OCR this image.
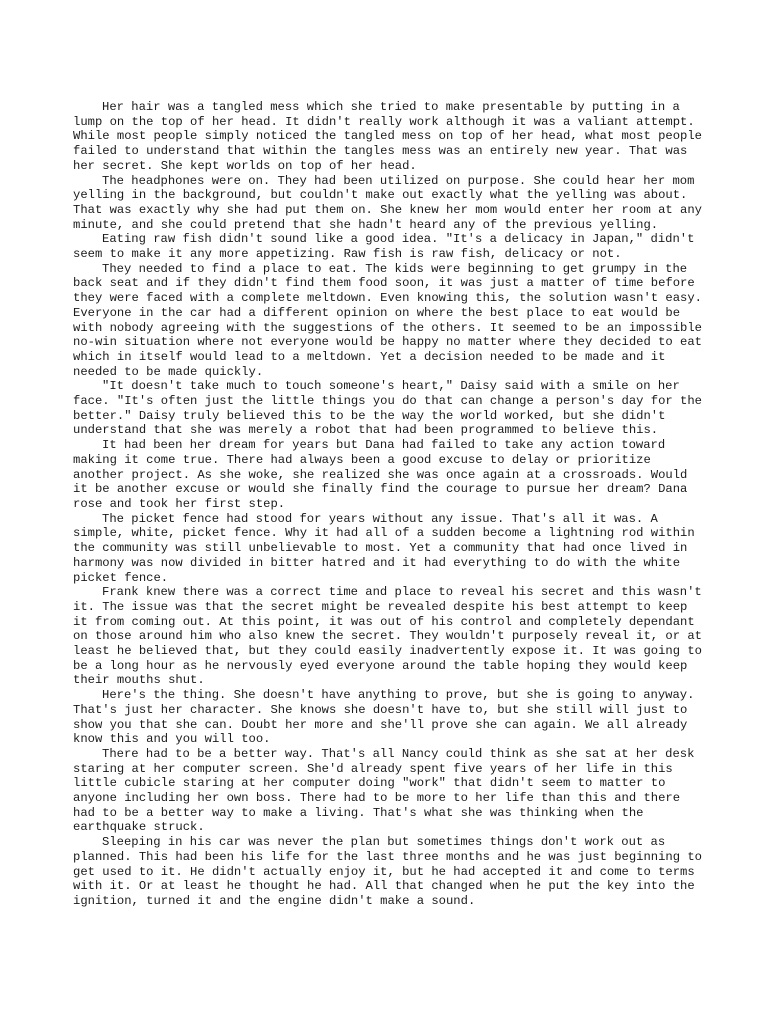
Her hair was a tangled mess which she tried to make presentable by putting in a lump on the top of her head. It didn't really work although it was a valiant attempt. While most people simply noticed the tangled mess on top of her head, what most people failed to understand that within the tangles mess was an entirely new year. That was her secret. She kept worlds on top of her head.

The headphones were on. They had been utilized on purpose. She could hear her mom yelling in the background, but couldn't make out exactly what the yelling was about. That was exactly why she had put them on. She knew her mom would enter her room at any minute, and she could pretend that she hadn't heard any of the previous yelling.

Eating raw fish didn't sound like a good idea. "It's a delicacy in Japan," didn't seem to make it any more appetizing. Raw fish is raw fish, delicacy or not.

They needed to find a place to eat. The kids were beginning to get grumpy in the back seat and if they didn't find them food soon, it was just a matter of time before they were faced with a complete meltdown. Even knowing this, the solution wasn't easy. Everyone in the car had a different opinion on where the best place to eat would be with nobody agreeing with the suggestions of the others. It seemed to be an impossible no-win situation where not everyone would be happy no matter where they decided to eat which in itself would lead to a meltdown. Yet a decision needed to be made and it needed to be made quickly.

"It doesn't take much to touch someone's heart," Daisy said with a smile on her face. "It's often just the little things you do that can change a person's day for the better." Daisy truly believed this to be the way the world worked, but she didn't understand that she was merely a robot that had been programmed to believe this.

It had been her dream for years but Dana had failed to take any action toward making it come true. There had always been a good excuse to delay or prioritize another project. As she woke, she realized she was once again at a crossroads. Would it be another excuse or would she finally find the courage to pursue her dream? Dana rose and took her first step.

The picket fence had stood for years without any issue. That's all it was. A simple, white, picket fence. Why it had all of a sudden become a lightning rod within the community was still unbelievable to most. Yet a community that had once lived in harmony was now divided in bitter hatred and it had everything to do with the white picket fence.

Frank knew there was a correct time and place to reveal his secret and this wasn't it. The issue was that the secret might be revealed despite his best attempt to keep it from coming out. At this point, it was out of his control and completely dependant on those around him who also knew the secret. They wouldn't purposely reveal it, or at least he believed that, but they could easily inadvertently expose it. It was going to be a long hour as he nervously eyed everyone around the table hoping they would keep their mouths shut.

Here's the thing. She doesn't have anything to prove, but she is going to anyway. That's just her character. She knows she doesn't have to, but she still will just to show you that she can. Doubt her more and she'll prove she can again. We all already know this and you will too.

There had to be a better way. That's all Nancy could think as she sat at her desk staring at her computer screen. She'd already spent five years of her life in this little cubicle staring at her computer doing "work" that didn't seem to matter to anyone including her own boss. There had to be more to her life than this and there had to be a better way to make a living. That's what she was thinking when the earthquake struck.

Sleeping in his car was never the plan but sometimes things don't work out as planned. This had been his life for the last three months and he was just beginning to get used to it. He didn't actually enjoy it, but he had accepted it and come to terms with it. Or at least he thought he had. All that changed when he put the key into the ignition, turned it and the engine didn't make a sound.
